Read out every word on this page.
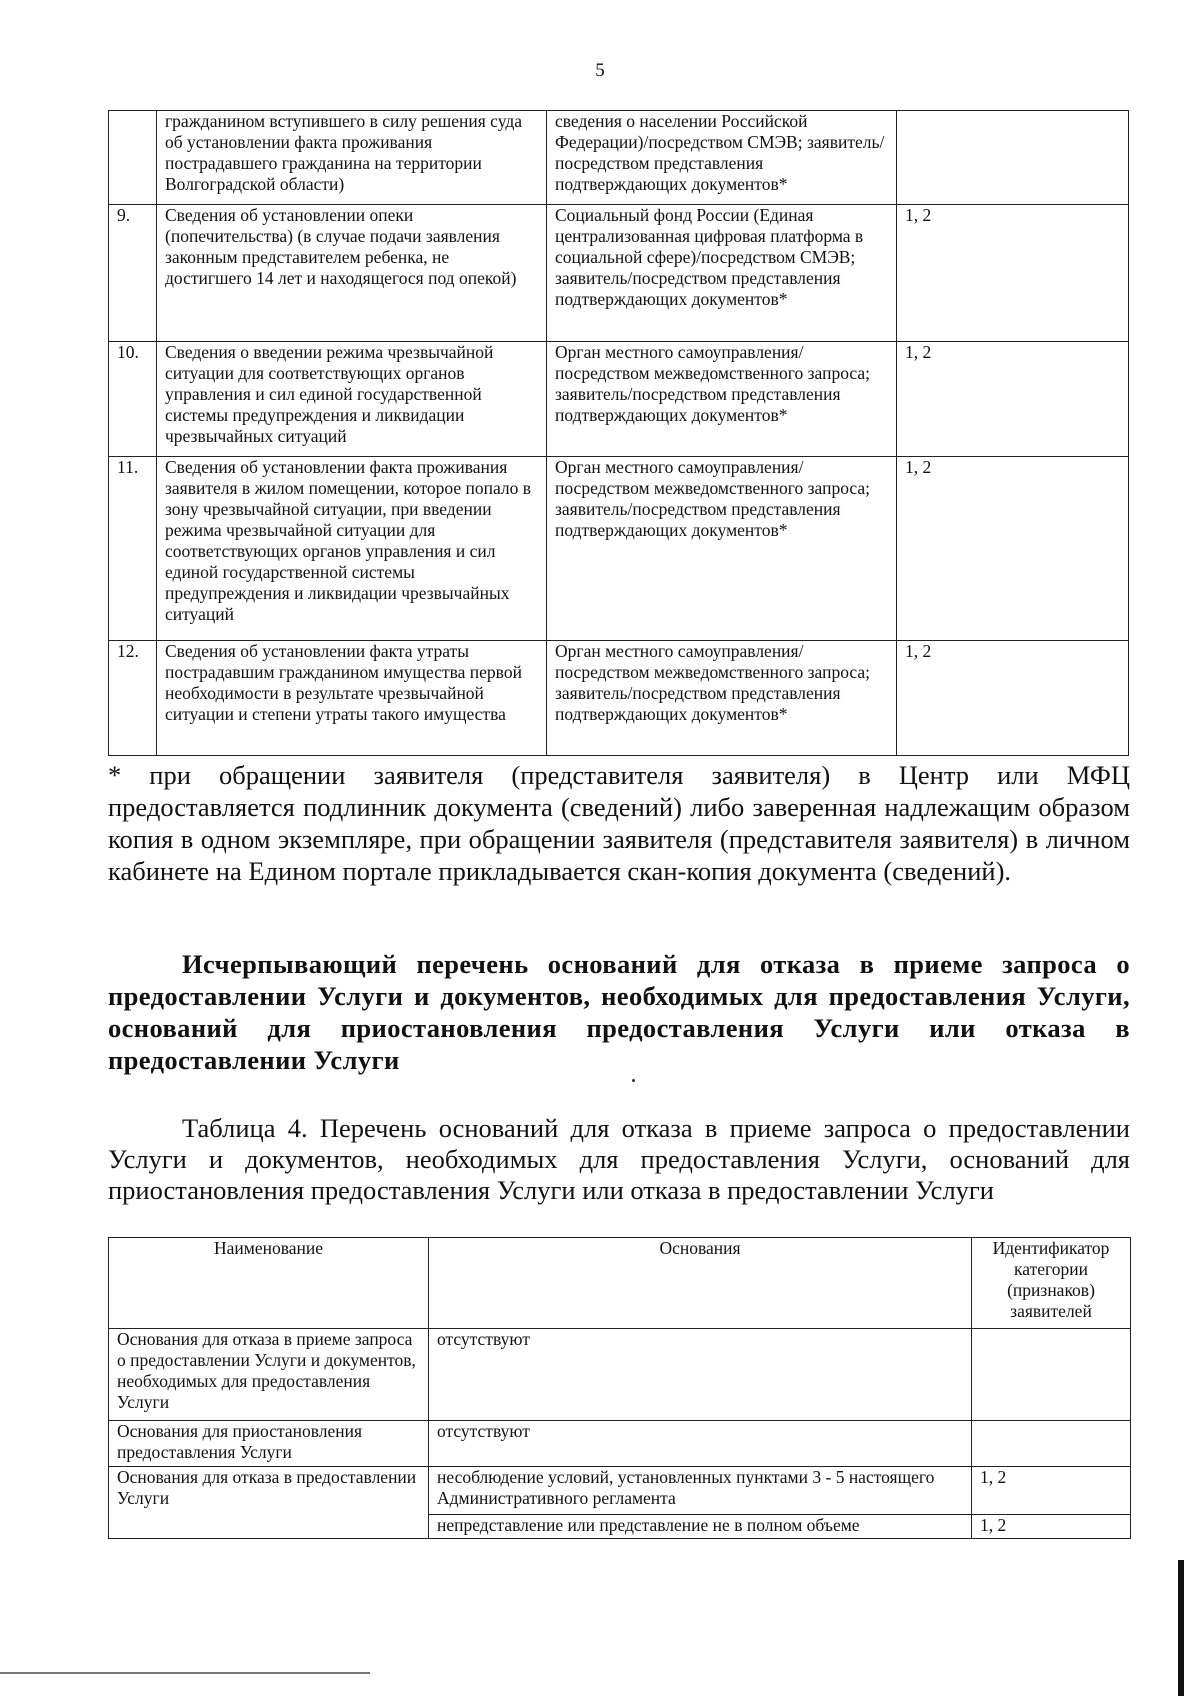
5
	гражданином вступившего в силу решения суда об установлении факта проживания пострадавшего гражданина на территории Волгоградской области)	сведения о населении Российской Федерации)/посредством СМЭВ; заявитель/посредством представления подтверждающих документов*	
9.	Сведения об установлении опеки (попечительства) (в случае подачи заявления законным представителем ребенка, не достигшего 14 лет и находящегося под опекой)	Социальный фонд России (Единая централизованная цифровая платформа в социальной сфере)/посредством СМЭВ; заявитель/посредством представления подтверждающих документов*	1, 2
10.	Сведения о введении режима чрезвычайной ситуации для соответствующих органов управления и сил единой государственной системы предупреждения и ликвидации чрезвычайных ситуаций	Орган местного самоуправления/посредством межведомственного запроса; заявитель/посредством представления подтверждающих документов*	1, 2
11.	Сведения об установлении факта проживания заявителя в жилом помещении, которое попало в зону чрезвычайной ситуации, при введении режима чрезвычайной ситуации для соответствующих органов управления и сил единой государственной системы предупреждения и ликвидации чрезвычайных ситуаций	Орган местного самоуправления/посредством межведомственного запроса; заявитель/посредством представления подтверждающих документов*	1, 2
12.	Сведения об установлении факта утраты пострадавшим гражданином имущества первой необходимости в результате чрезвычайной ситуации и степени утраты такого имущества	Орган местного самоуправления/посредством межведомственного запроса; заявитель/посредством представления подтверждающих документов*	1, 2
* при обращении заявителя (представителя заявителя) в Центр или МФЦ предоставляется подлинник документа (сведений) либо заверенная надлежащим образом копия в одном экземпляре, при обращении заявителя (представителя заявителя) в личном кабинете на Едином портале прикладывается скан-копия документа (сведений).
Исчерпывающий перечень оснований для отказа в приеме запроса о предоставлении Услуги и документов, необходимых для предоставления Услуги, оснований для приостановления предоставления Услуги или отказа в предоставлении Услуги
Таблица 4. Перечень оснований для отказа в приеме запроса о предоставлении Услуги и документов, необходимых для предоставления Услуги, оснований для приостановления предоставления Услуги или отказа в предоставлении Услуги
Наименование	Основания	Идентификатор категории (признаков) заявителей
Основания для отказа в приеме запроса о предоставлении Услуги и документов, необходимых для предоставления Услуги	отсутствуют	
Основания для приостановления предоставления Услуги	отсутствуют	
Основания для отказа в предоставлении Услуги	несоблюдение условий, установленных пунктами 3 - 5 настоящего Административного регламента	1, 2
	непредставление или представление не в полном объеме	1, 2
